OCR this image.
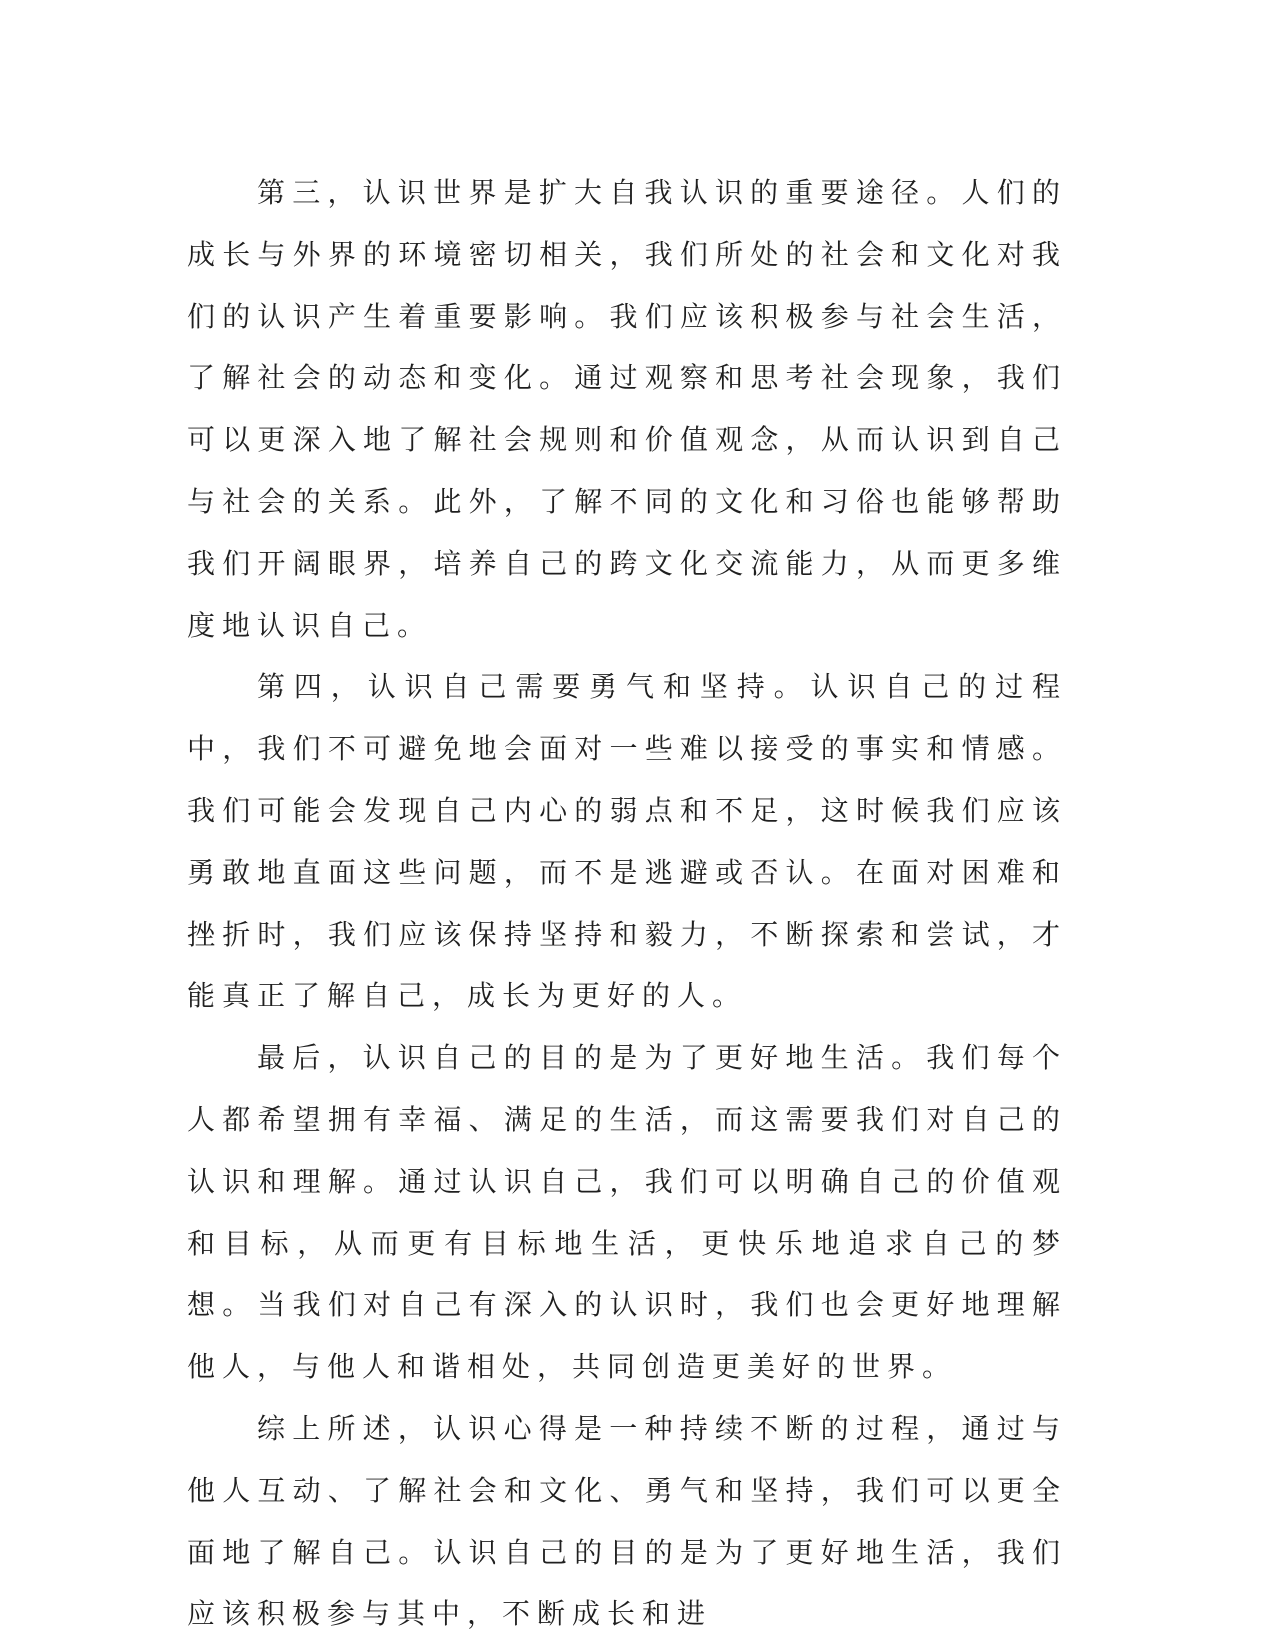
第三，认识世界是扩大自我认识的重要途径。人们的成长与外界的环境密切相关，我们所处的社会和文化对我们的认识产生着重要影响。我们应该积极参与社会生活，了解社会的动态和变化。通过观察和思考社会现象，我们可以更深入地了解社会规则和价值观念，从而认识到自己与社会的关系。此外，了解不同的文化和习俗也能够帮助我们开阔眼界，培养自己的跨文化交流能力，从而更多维度地认识自己。

第四，认识自己需要勇气和坚持。认识自己的过程中，我们不可避免地会面对一些难以接受的事实和情感。我们可能会发现自己内心的弱点和不足，这时候我们应该勇敢地直面这些问题，而不是逃避或否认。在面对困难和挫折时，我们应该保持坚持和毅力，不断探索和尝试，才能真正了解自己，成长为更好的人。

最后，认识自己的目的是为了更好地生活。我们每个人都希望拥有幸福、满足的生活，而这需要我们对自己的认识和理解。通过认识自己，我们可以明确自己的价值观和目标，从而更有目标地生活，更快乐地追求自己的梦想。当我们对自己有深入的认识时，我们也会更好地理解他人，与他人和谐相处，共同创造更美好的世界。

综上所述，认识心得是一种持续不断的过程，通过与他人互动、了解社会和文化、勇气和坚持，我们可以更全面地了解自己。认识自己的目的是为了更好地生活，我们应该积极参与其中，不断成长和进
